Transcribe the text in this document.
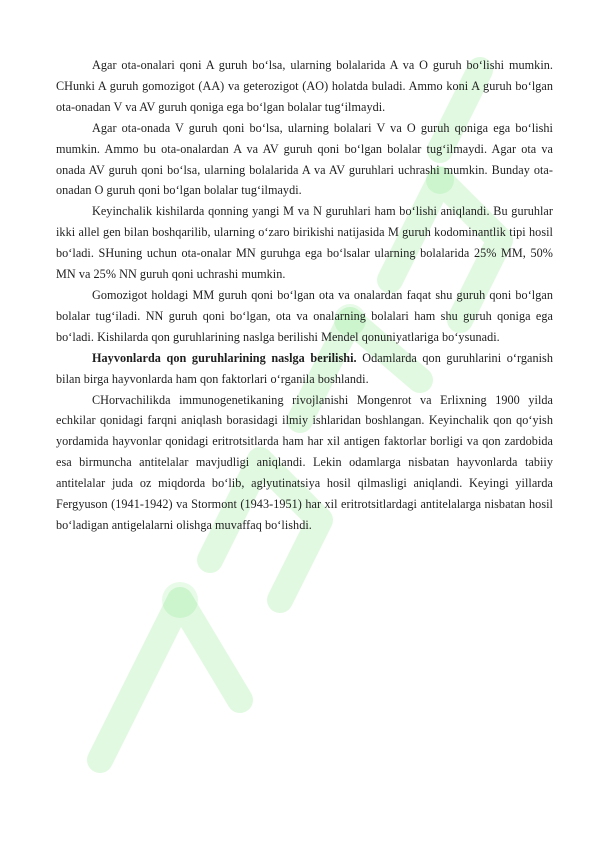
Agar ota-onalari qoni A guruh bo‘lsa, ularning bolalarida A va O guruh bo‘lishi mumkin. CHunki A guruh gomozigot (AA) va geterozigot (AO) holatda buladi. Ammo koni A guruh bo‘lgan ota-onadan V va AV guruh qoniga ega bo‘lgan bolalar tug‘ilmaydi.

Agar ota-onada V guruh qoni bo‘lsa, ularning bolalari V va O guruh qoniga ega bo‘lishi mumkin. Ammo bu ota-onalardan A va AV guruh qoni bo‘lgan bolalar tug‘ilmaydi. Agar ota va onada AV guruh qoni bo‘lsa, ularning bolalarida A va AV guruhlari uchrashi mumkin. Bunday ota-onadan O guruh qoni bo‘lgan bolalar tug‘ilmaydi.

Keyinchalik kishilarda qonning yangi M va N guruhlari ham bo‘lishi aniqlandi. Bu guruhlar ikki allel gen bilan boshqarilib, ularning o‘zaro birikishi natijasida M guruh kodominantlik tipi hosil bo‘ladi. SHuning uchun ota-onalar MN guruhga ega bo‘lsalar ularning bolalarida 25% MM, 50% MN va 25% NN guruh qoni uchrashi mumkin.

Gomozigot holdagi MM guruh qoni bo‘lgan ota va onalardan faqat shu guruh qoni bo‘lgan bolalar tug‘iladi. NN guruh qoni bo‘lgan, ota va onalarning bolalari ham shu guruh qoniga ega bo‘ladi. Kishilarda qon guruhlarining naslga berilishi Mendel qonuniyatlariga bo‘ysunadi.

Hayvonlarda qon guruhlarining naslga berilishi. Odamlarda qon guruhlarini o‘rganish bilan birga hayvonlarda ham qon faktorlari o‘rganila boshlandi.

CHorvachilikda immunogenetikaning rivojlanishi Mongenrot va Erlixning 1900 yilda echkilar qonidagi farqni aniqlash borasidagi ilmiy ishlaridan boshlangan. Keyinchalik qon qo‘yish yordamida hayvonlar qonidagi eritrotsitlarda ham har xil antigen faktorlar borligi va qon zardobida esa birmuncha antitelalar mavjudligi aniqlandi. Lekin odamlarga nisbatan hayvonlarda tabiiy antitelalar juda oz miqdorda bo‘lib, aglyutinatsiya hosil qilmasligi aniqlandi. Keyingi yillarda Fergyuson (1941-1942) va Stormont (1943-1951) har xil eritrotsitlardagi antitelalarga nisbatan hosil bo‘ladigan antigelalarni olishga muvaffaq bo‘lishdi.
